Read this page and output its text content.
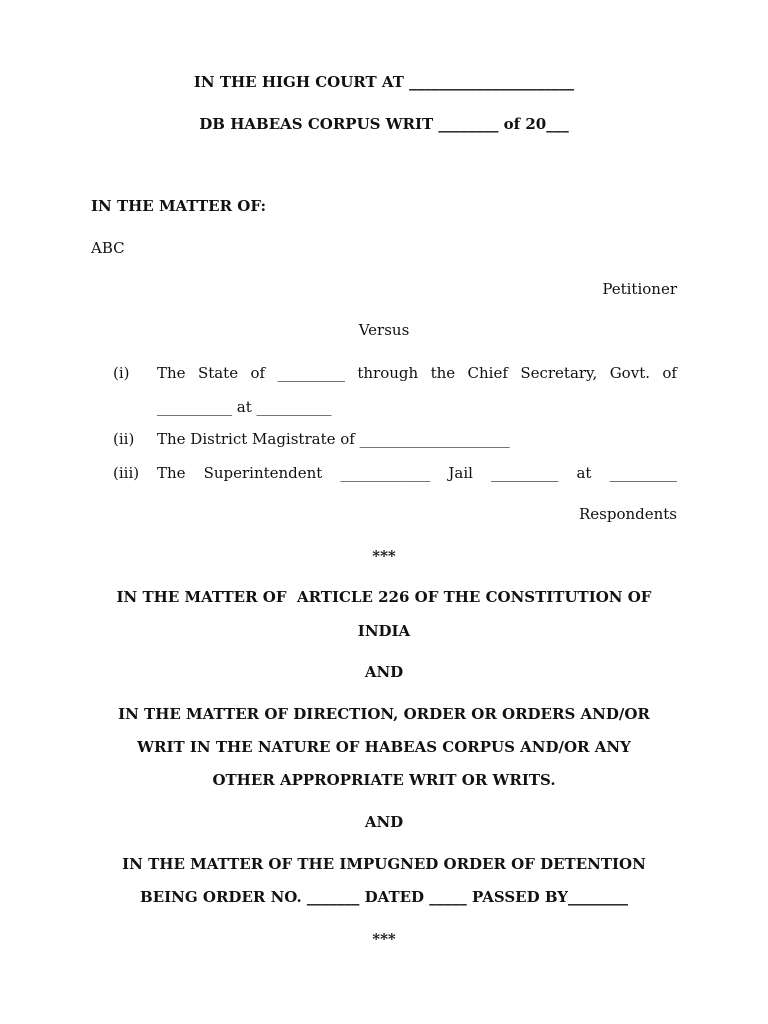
IN THE HIGH COURT AT ______________________
DB HABEAS CORPUS WRIT ________ of 20___
IN THE MATTER OF:
ABC
Petitioner
Versus
(i) The State of _________ through the Chief Secretary, Govt. of
__________ at __________
(ii) The District Magistrate of ____________________
(iii) The Superintendent ____________ Jail _________ at _________
Respondents
***
IN THE MATTER OF  ARTICLE 226 OF THE CONSTITUTION OF
INDIA
AND
IN THE MATTER OF DIRECTION, ORDER OR ORDERS AND/OR
WRIT IN THE NATURE OF HABEAS CORPUS AND/OR ANY
OTHER APPROPRIATE WRIT OR WRITS.
AND
IN THE MATTER OF THE IMPUGNED ORDER OF DETENTION
BEING ORDER NO. _______ DATED _____ PASSED BY________
***
